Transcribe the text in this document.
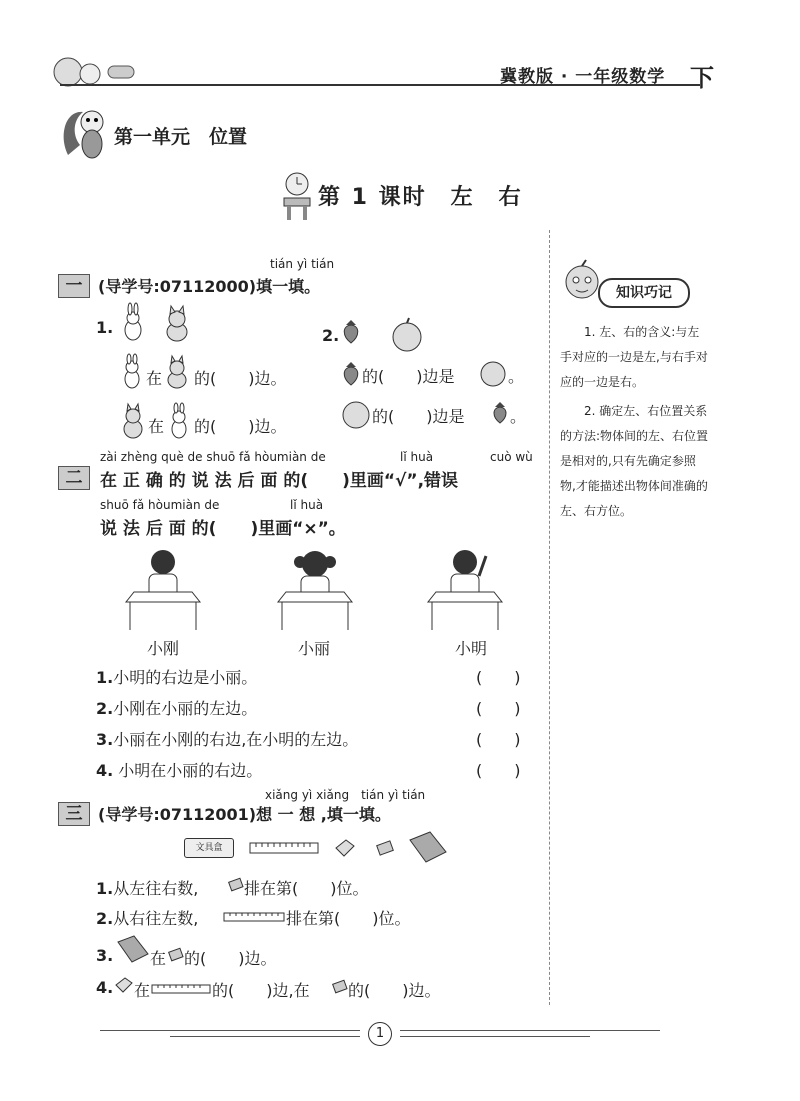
冀教版 · 一年级数学 下
第一单元　位置
第 1 课时　左　右
tián yì tián
一 (导学号:07112000)填一填。
1.	2.
在 的(　　)边。	的(　　)边是	。
在 的(　　)边。
的(　　)边是	。
zài zhèng què de shuō fǎ hòumiàn de	lǐ huà	cuò wù
二	在 正 确 的 说 法 后 面 的(　　)里画“√”,错误
shuō fǎ hòumiàn de	lǐ huà
说 法 后 面 的(　　)里画“×”。
小刚	小丽	小明
1.小明的右边是小丽。	(　　)
2.小刚在小丽的左边。	(　　)
3.小丽在小刚的右边,在小明的左边。	(　　)
4. 小明在小丽的右边。	(　　)
xiǎng yì xiǎng　tián yì tián
三 (导学号:07112001)想 一 想 ,填一填。
文具盒
1.从左往右数,	排在第(　　)位。
2.从右往左数,	排在第(　　)位。
3. 在 的(　　)边。
4. 在	的(　　)边,在 的(　　)边。
知识巧记

1. 左、右的含义:与左手对应的一边是左,与右手对应的一边是右。

2. 确定左、右位置关系的方法:物体间的左、右位置是相对的,只有先确定参照物,才能描述出物体间准确的左、右方位。

1
